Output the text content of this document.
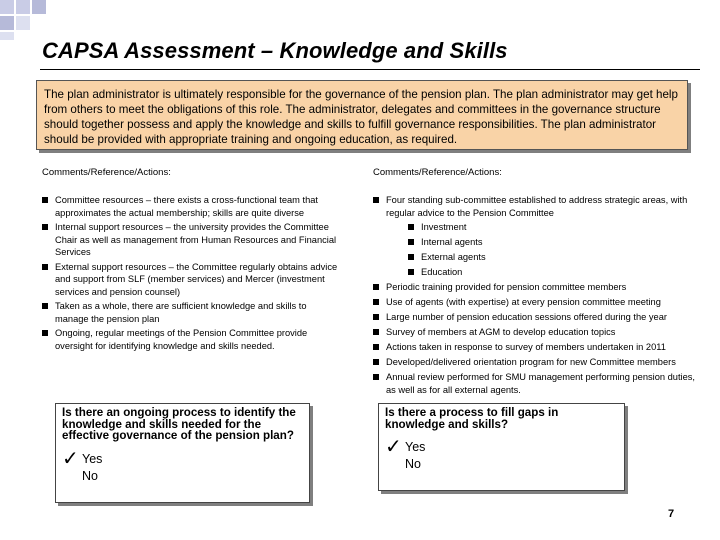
CAPSA Assessment – Knowledge and Skills
The plan administrator is ultimately responsible for the governance of the pension plan. The plan administrator may get help from others to meet the obligations of this role. The administrator, delegates and committees in the governance structure should together possess and apply the knowledge and skills to fulfill governance responsibilities. The plan administrator should be provided with appropriate training and ongoing education, as required.
Comments/Reference/Actions:	Comments/Reference/Actions:
Committee resources – there exists a cross-functional team that approximates the actual membership; skills are quite diverse
Internal support resources – the university provides the Committee Chair as well as management from Human Resources and Financial Services
External support resources – the Committee regularly obtains advice and support from SLF (member services) and Mercer (investment services and pension counsel)
Taken as a whole, there are sufficient knowledge and skills to manage the pension plan
Ongoing, regular meetings of the Pension Committee provide oversight for identifying knowledge and skills needed.
Four standing sub-committee established to address strategic areas, with regular advice to the Pension Committee
Investment
Internal agents
External agents
Education
Periodic training provided for pension committee members
Use of agents (with expertise) at every pension committee meeting
Large number of pension education sessions offered during the year
Survey of members at AGM to develop education topics
Actions taken in response to survey of members undertaken in 2011
Developed/delivered orientation program for new Committee members
Annual review performed for SMU management performing pension duties, as well as for all external agents.
Is there an ongoing process to identify the knowledge and skills needed for the effective governance of the pension plan?
✓ Yes
No
Is there a process to fill gaps in knowledge and skills?
✓ Yes
No
7
